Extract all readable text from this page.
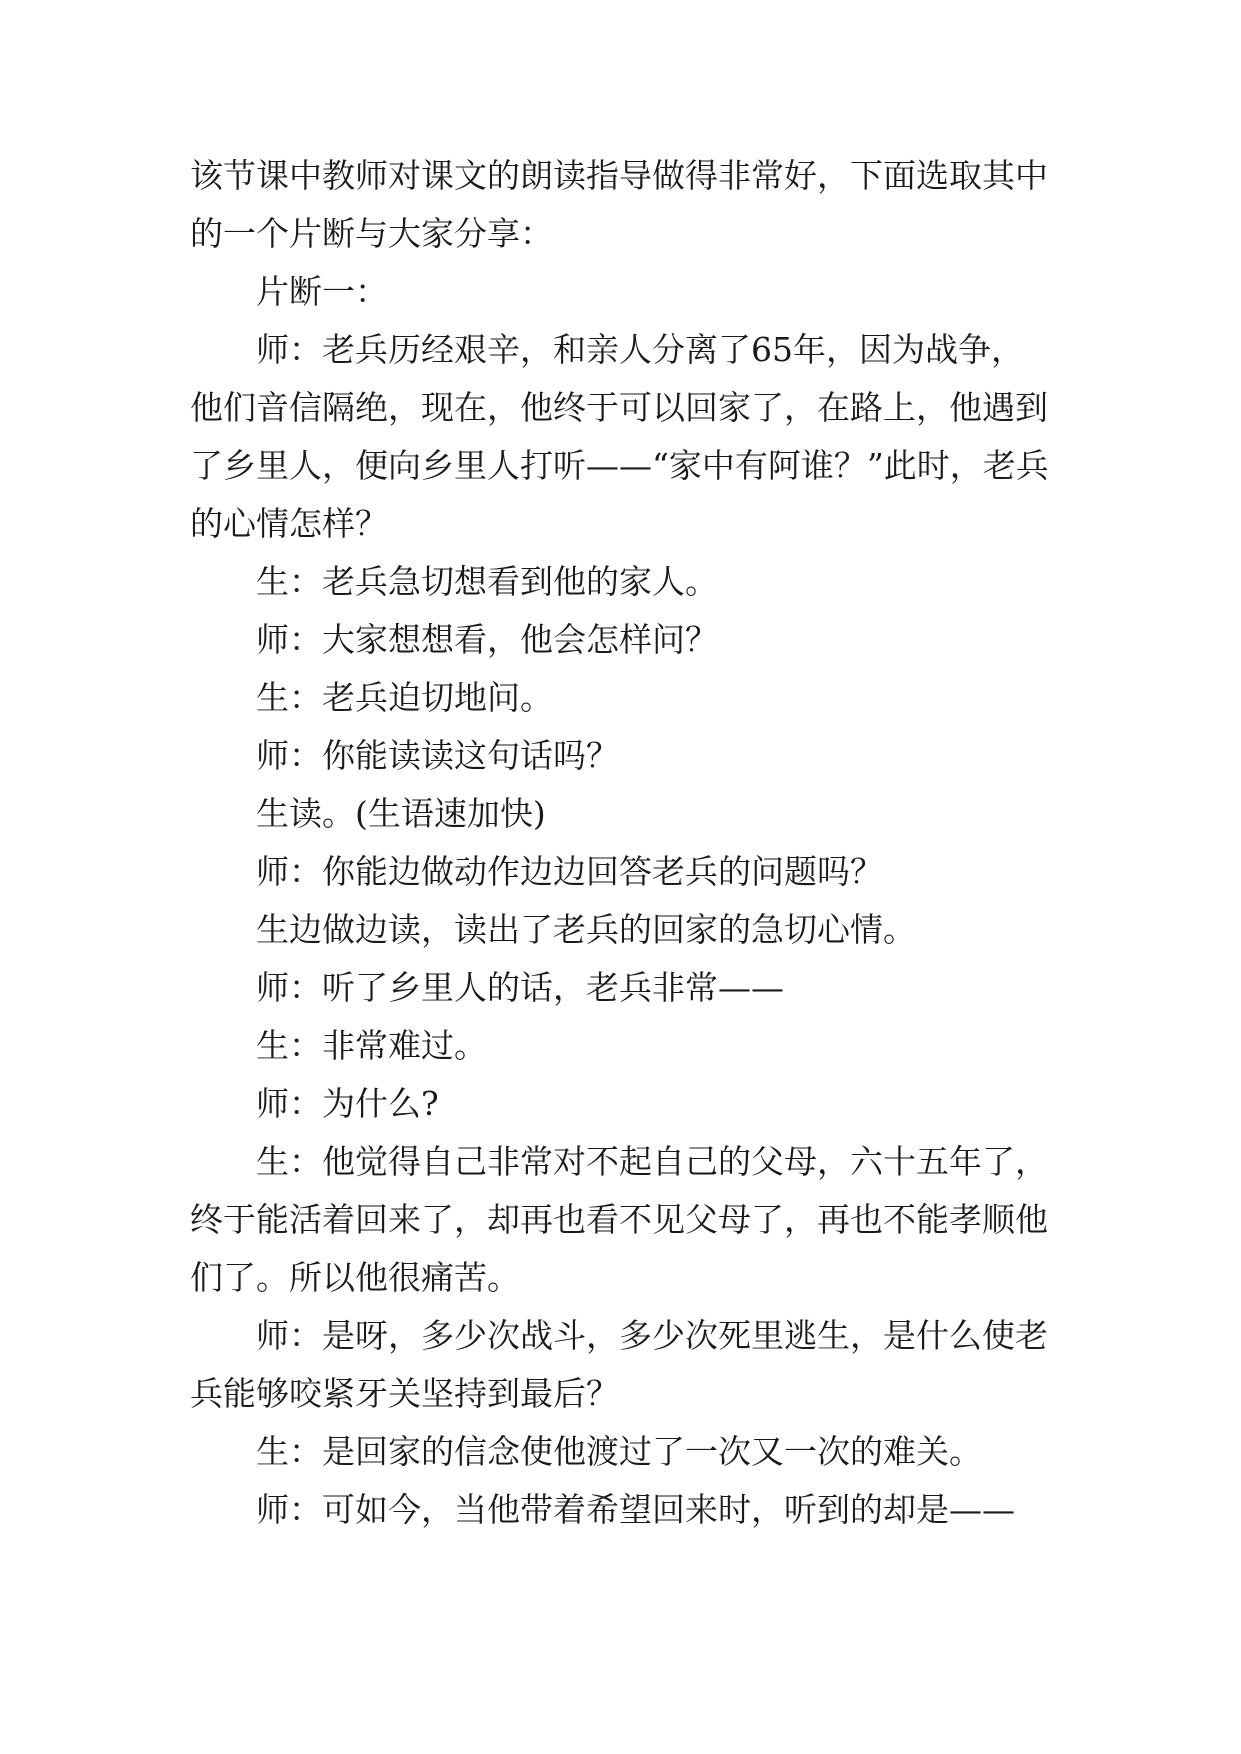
该节课中教师对课文的朗读指导做得非常好，下面选取其中的一个片断与大家分享：

片断一：

师：老兵历经艰辛，和亲人分离了65年，因为战争，他们音信隔绝，现在，他终于可以回家了，在路上，他遇到了乡里人，便向乡里人打听——“家中有阿谁？”此时，老兵的心情怎样？

生：老兵急切想看到他的家人。

师：大家想想看，他会怎样问？

生：老兵迫切地问。

师：你能读读这句话吗？

生读。(生语速加快)

师：你能边做动作边边回答老兵的问题吗？

生边做边读，读出了老兵的回家的急切心情。

师：听了乡里人的话，老兵非常——

生：非常难过。

师：为什么?

生：他觉得自己非常对不起自己的父母，六十五年了，终于能活着回来了，却再也看不见父母了，再也不能孝顺他们了。所以他很痛苦。

师：是呀，多少次战斗，多少次死里逃生，是什么使老兵能够咬紧牙关坚持到最后？

生：是回家的信念使他渡过了一次又一次的难关。

师：可如今，当他带着希望回来时，听到的却是——
